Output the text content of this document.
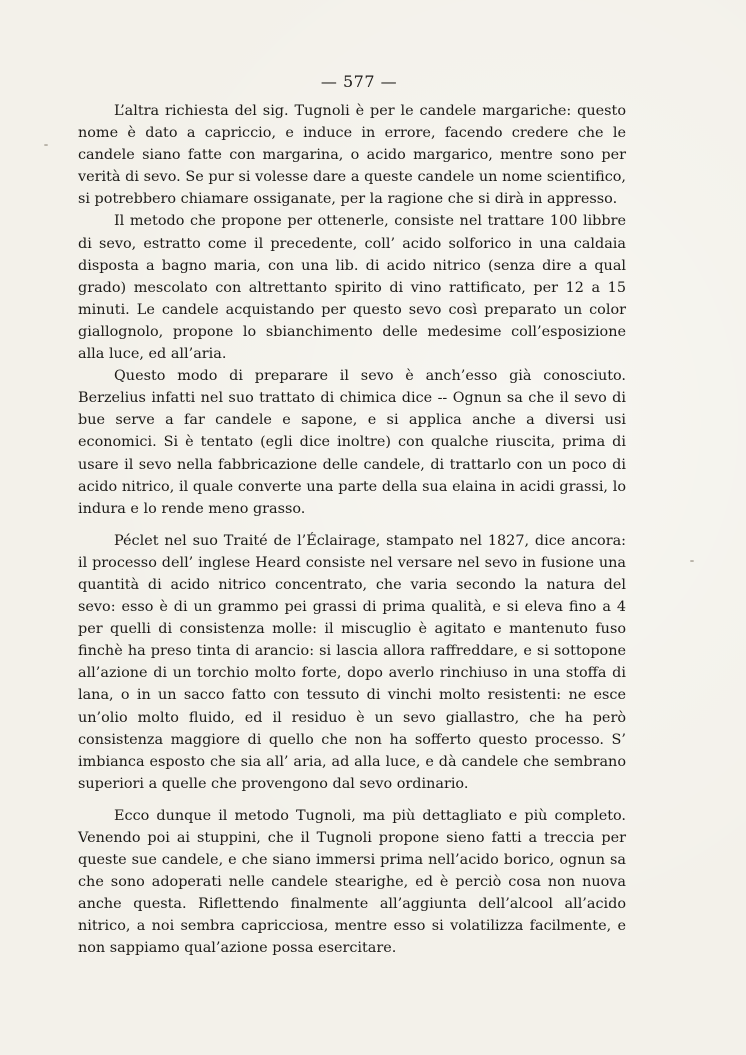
— 577 —

L’altra richiesta del sig. Tugnoli è per le candele margariche: questo nome è dato a capriccio, e induce in errore, facendo credere che le candele siano fatte con margarina, o acido margarico, mentre sono per verità di sevo. Se pur si volesse dare a queste candele un nome scientifico, si potrebbero chiamare ossiganate, per la ragione che si dirà in appresso.

Il metodo che propone per ottenerle, consiste nel trattare 100 libbre di sevo, estratto come il precedente, coll’ acido solforico in una caldaia disposta a bagno maria, con una lib. di acido nitrico (senza dire a qual grado) mescolato con altrettanto spirito di vino rattificato, per 12 a 15 minuti. Le candele acquistando per questo sevo così preparato un color giallognolo, propone lo sbianchimento delle medesime coll’esposizione alla luce, ed all’aria.

Questo modo di preparare il sevo è anch’esso già conosciuto. Berzelius infatti nel suo trattato di chimica dice -- Ognun sa che il sevo di bue serve a far candele e sapone, e si applica anche a diversi usi economici. Si è tentato (egli dice inoltre) con qualche riuscita, prima di usare il sevo nella fabbricazione delle candele, di trattarlo con un poco di acido nitrico, il quale converte una parte della sua elaina in acidi grassi, lo indura e lo rende meno grasso.

Péclet nel suo Traité de l’Éclairage, stampato nel 1827, dice ancora: il processo dell’ inglese Heard consiste nel versare nel sevo in fusione una quantità di acido nitrico concentrato, che varia secondo la natura del sevo: esso è di un grammo pei grassi di prima qualità, e si eleva fino a 4 per quelli di consistenza molle: il miscuglio è agitato e mantenuto fuso finchè ha preso tinta di arancio: si lascia allora raffreddare, e si sottopone all’azione di un torchio molto forte, dopo averlo rinchiuso in una stoffa di lana, o in un sacco fatto con tessuto di vinchi molto resistenti: ne esce un’olio molto fluido, ed il residuo è un sevo giallastro, che ha però consistenza maggiore di quello che non ha sofferto questo processo. S’ imbianca esposto che sia all’ aria, ad alla luce, e dà candele che sembrano superiori a quelle che provengono dal sevo ordinario.

Ecco dunque il metodo Tugnoli, ma più dettagliato e più completo. Venendo poi ai stuppini, che il Tugnoli propone sieno fatti a treccia per queste sue candele, e che siano immersi prima nell’acido borico, ognun sa che sono adoperati nelle candele stearighe, ed è perciò cosa non nuova anche questa. Riflettendo finalmente all’aggiunta dell’alcool all’acido nitrico, a noi sembra capricciosa, mentre esso si volatilizza facilmente, e non sappiamo qual’azione possa esercitare.
